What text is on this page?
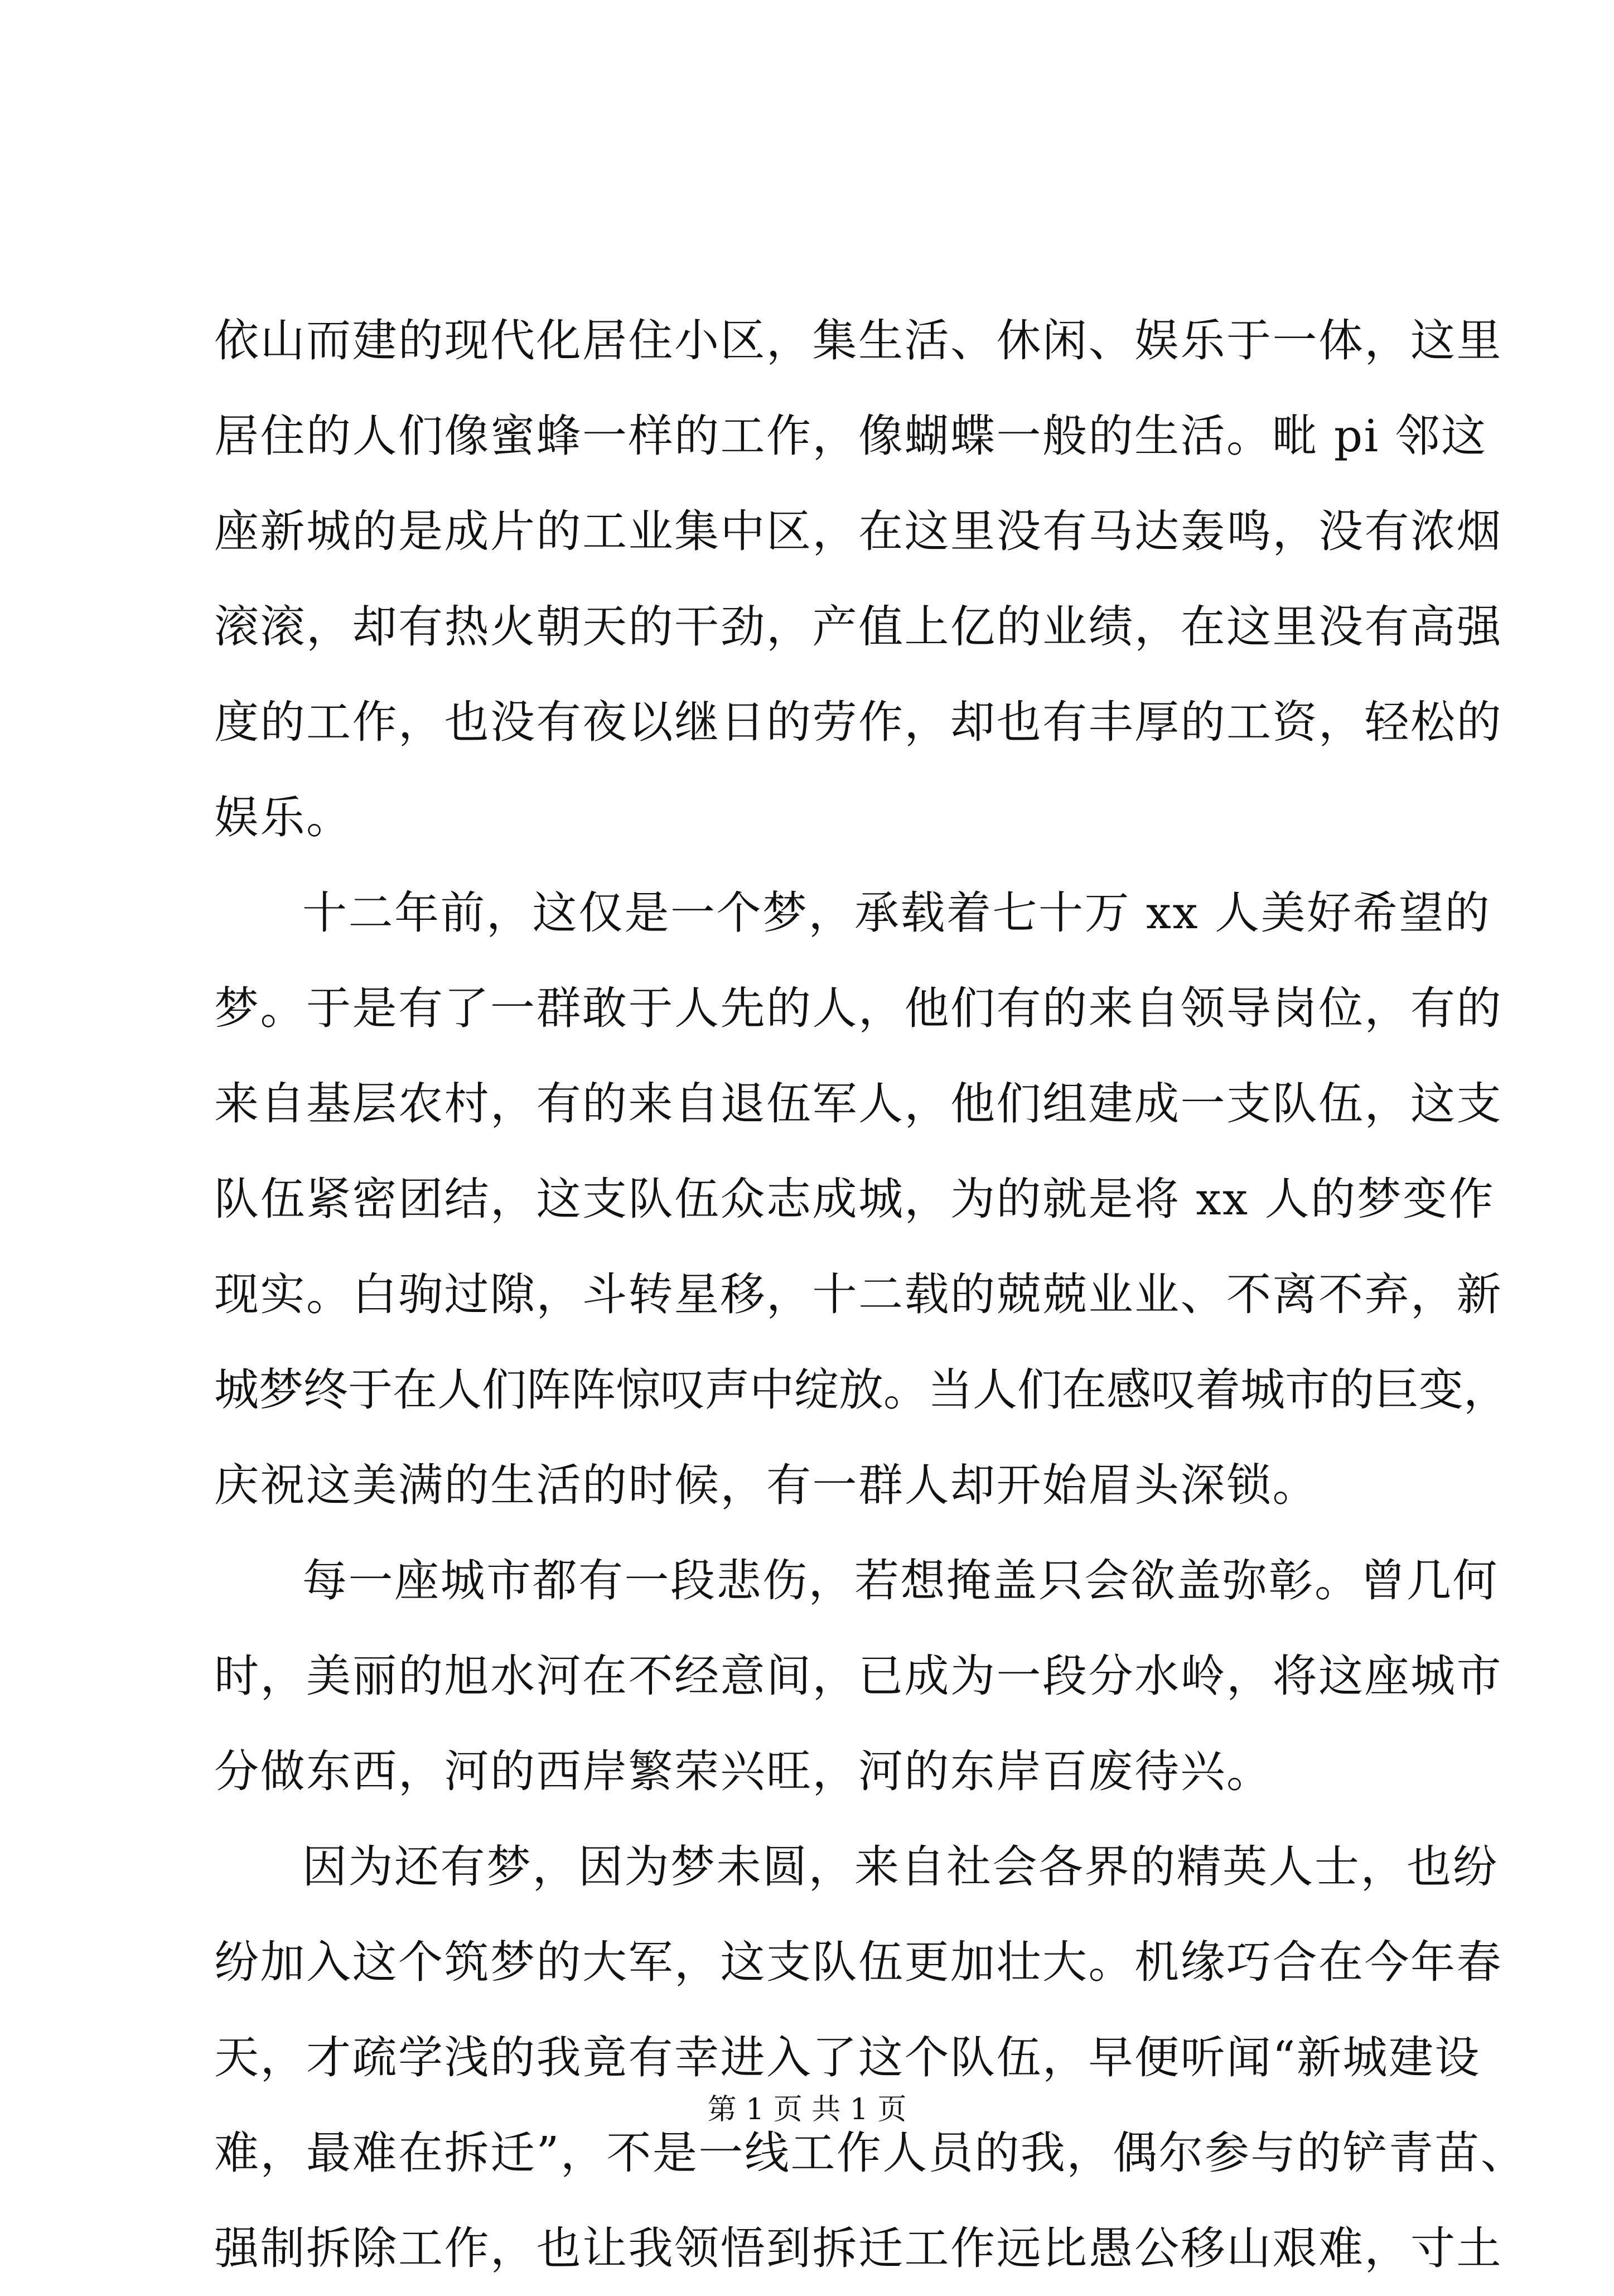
依山而建的现代化居住小区，集生活、休闲、娱乐于一体，这里
居住的人们像蜜蜂一样的工作，像蝴蝶一般的生活。毗 pi 邻这
座新城的是成片的工业集中区，在这里没有马达轰鸣，没有浓烟
滚滚，却有热火朝天的干劲，产值上亿的业绩，在这里没有高强
度的工作，也没有夜以继日的劳作，却也有丰厚的工资，轻松的
娱乐。
十二年前，这仅是一个梦，承载着七十万 xx 人美好希望的
梦。于是有了一群敢于人先的人，他们有的来自领导岗位，有的
来自基层农村，有的来自退伍军人，他们组建成一支队伍，这支
队伍紧密团结，这支队伍众志成城，为的就是将 xx 人的梦变作
现实。白驹过隙，斗转星移，十二载的兢兢业业、不离不弃，新
城梦终于在人们阵阵惊叹声中绽放。当人们在感叹着城市的巨变，
庆祝这美满的生活的时候，有一群人却开始眉头深锁。
每一座城市都有一段悲伤，若想掩盖只会欲盖弥彰。曾几何
时，美丽的旭水河在不经意间，已成为一段分水岭，将这座城市
分做东西，河的西岸繁荣兴旺，河的东岸百废待兴。
因为还有梦，因为梦未圆，来自社会各界的精英人士，也纷
纷加入这个筑梦的大军，这支队伍更加壮大。机缘巧合在今年春
天，才疏学浅的我竟有幸进入了这个队伍，早便听闻“新城建设
难，最难在拆迁”，不是一线工作人员的我，偶尔参与的铲青苗、
强制拆除工作，也让我领悟到拆迁工作远比愚公移山艰难，寸土
第 1 页 共 1 页
